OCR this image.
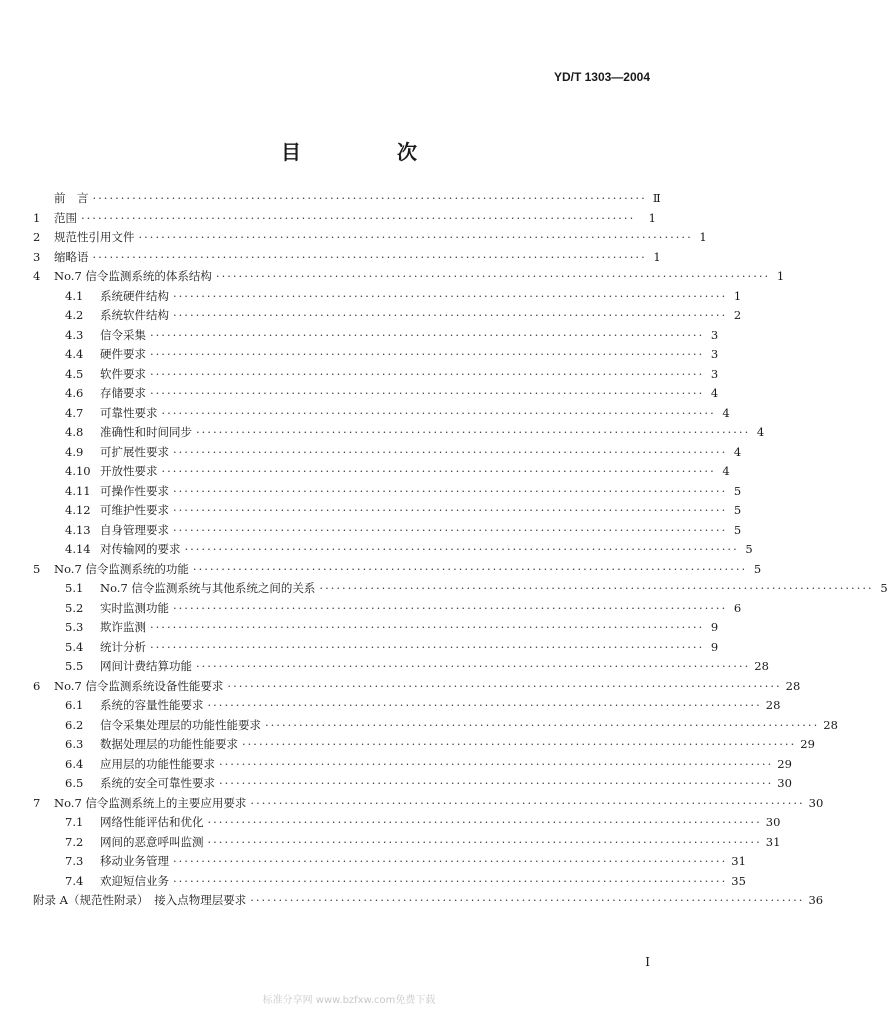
YD/T 1303—2004
目　次
前　言 ·································································································· Ⅱ
1	范围 ··································································································	1
2	规范性引用文件 ·································································································· 1
3	缩略语 ·································································································· 1
4	No.7 信令监测系统的体系结构 ·································································································· 1
4.1	系统硬件结构 ·································································································· 1
4.2	系统软件结构 ·································································································· 2
4.3	信令采集 ·································································································· 3
4.4	硬件要求 ·································································································· 3
4.5	软件要求 ·································································································· 3
4.6	存储要求 ·································································································· 4
4.7	可靠性要求 ·································································································· 4
4.8	准确性和时间同步 ·································································································· 4
4.9	可扩展性要求 ·································································································· 4
4.10 开放性要求 ·································································································· 4
4.11 可操作性要求 ·································································································· 5
4.12 可维护性要求 ·································································································· 5
4.13 自身管理要求 ·································································································· 5
4.14 对传输网的要求 ·································································································· 5
5	No.7 信令监测系统的功能 ·································································································· 5
5.1	No.7 信令监测系统与其他系统之间的关系 ·································································································· 5
5.2	实时监测功能 ·································································································· 6
5.3	欺诈监测 ·································································································· 9
5.4	统计分析 ·································································································· 9
5.5	网间计费结算功能 ·································································································· 28
6	No.7 信令监测系统设备性能要求 ·································································································· 28
6.1	系统的容量性能要求 ·································································································· 28
6.2	信令采集处理层的功能性能要求 ·································································································· 28
6.3	数据处理层的功能性能要求 ·································································································· 29
6.4	应用层的功能性能要求 ·································································································· 29
6.5	系统的安全可靠性要求 ·································································································· 30
7	No.7 信令监测系统上的主要应用要求 ·································································································· 30
7.1	网络性能评估和优化 ·································································································· 30
7.2	网间的恶意呼叫监测 ·································································································· 31
7.3	移动业务管理 ·································································································· 31
7.4	欢迎短信业务 ·································································································· 35
附录 A（规范性附录）　接入点物理层要求 ·································································································· 36
I
标准分享网 www.bzfxw.com免费下载
